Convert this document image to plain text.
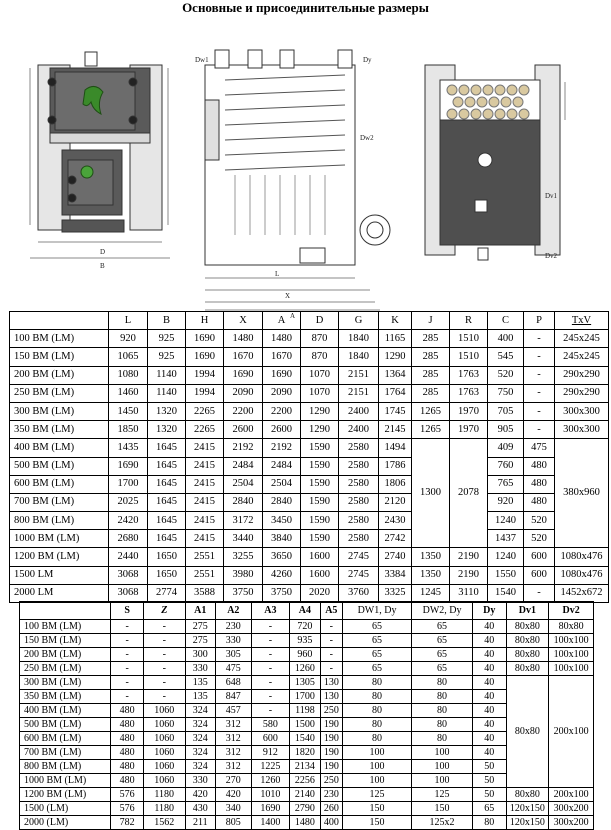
Основные и присоединительные размеры
Dw1	Dy
Dw2
D
B
L
X
A
Dv1
Dv2
	L	B	H	X	A	D	G	K	J	R	C	P	TxV
100 BM (LM)	920	925	1690	1480	1480	870	1840	1165	285	1510	400	-	245x245
150 BM (LM)	1065	925	1690	1670	1670	870	1840	1290	285	1510	545	-	245x245
200 BM (LM)	1080	1140	1994	1690	1690	1070	2151	1364	285	1763	520	-	290x290
250 BM (LM)	1460	1140	1994	2090	2090	1070	2151	1764	285	1763	750	-	290x290
300 BM (LM)	1450	1320	2265	2200	2200	1290	2400	1745	1265	1970	705	-	300x300
350 BM (LM)	1850	1320	2265	2600	2600	1290	2400	2145	1265	1970	905	-	300x300
400 BM (LM)	1435	1645	2415	2192	2192	1590	2580	1494	1300	2078	409	475	380x960
500 BM (LM)	1690	1645	2415	2484	2484	1590	2580	1786			760	480	
600 BM (LM)	1700	1645	2415	2504	2504	1590	2580	1806			765	480	
700 BM (LM)	2025	1645	2415	2840	2840	1590	2580	2120			920	480	
800 BM (LM)	2420	1645	2415	3172	3450	1590	2580	2430			1240	520	
1000 BM (LM)	2680	1645	2415	3440	3840	1590	2580	2742			1437	520	
1200 BM (LM)	2440	1650	2551	3255	3650	1600	2745	2740	1350	2190	1240	600	1080x476
1500 LM	3068	1650	2551	3980	4260	1600	2745	3384	1350	2190	1550	600	1080x476
2000 LM	3068	2774	3588	3750	3750	2020	3760	3325	1245	3110	1540	-	1452x672
	S	Z	A1	A2	A3	A4	A5	DW1, Dy	DW2, Dy	Dy	Dv1	Dv2
100 BM (LM)	-	-	275	230	-	720	-	65	65	40	80x80	80x80
150 BM (LM)	-	-	275	330	-	935	-	65	65	40	80x80	100x100
200 BM (LM)	-	-	300	305	-	960	-	65	65	40	80x80	100x100
250 BM (LM)	-	-	330	475	-	1260	-	65	65	40	80x80	100x100
300 BM (LM)	-	-	135	648	-	1305	130	80	80	40	80x80	200x100
350 BM (LM)	-	-	135	847	-	1700	130	80	80	40		
400 BM (LM)	480	1060	324	457	-	1198	250	80	80	40		
500 BM (LM)	480	1060	324	312	580	1500	190	80	80	40		
600 BM (LM)	480	1060	324	312	600	1540	190	80	80	40		
700 BM (LM)	480	1060	324	312	912	1820	190	100	100	40		
800 BM (LM)	480	1060	324	312	1225	2134	190	100	100	50		
1000 BM (LM)	480	1060	330	270	1260	2256	250	100	100	50		
1200 BM (LM)	576	1180	420	420	1010	2140	230	125	125	50	80x80	200x100
1500 (LM)	576	1180	430	340	1690	2790	260	150	150	65	120x150	300x200
2000 (LM)	782	1562	211	805	1400	1480	400	150	125x2	80	120x150	300x200
